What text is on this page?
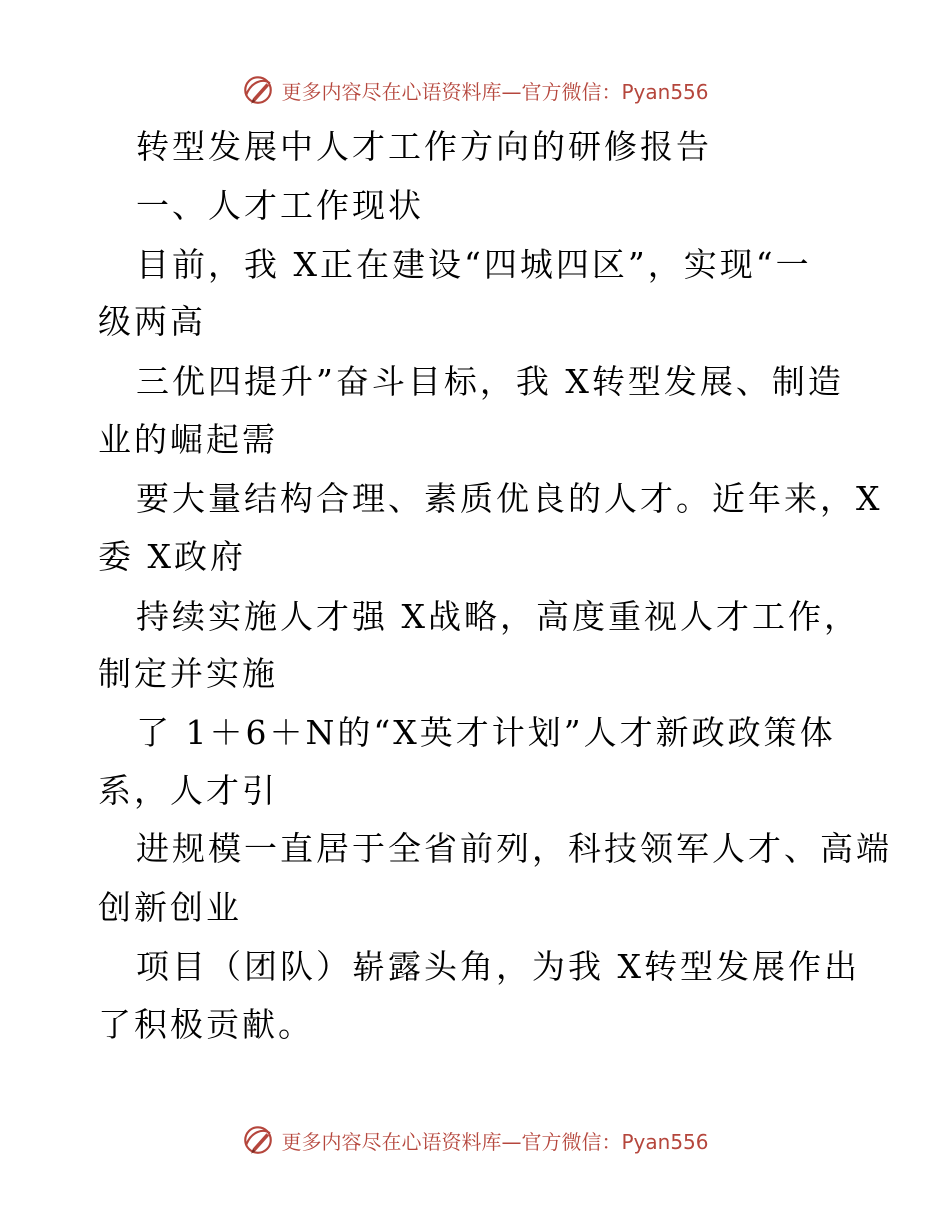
更多内容尽在心语资料库—官方微信：Pyan556
转型发展中人才工作方向的研修报告
一、人才工作现状
目前，我 X正在建设“四城四区”，实现“一
级两高
三优四提升”奋斗目标，我 X转型发展、制造
业的崛起需
要大量结构合理、素质优良的人才。近年来，X
委 X政府
持续实施人才强 X战略，高度重视人才工作，
制定并实施
了 1＋6＋N的“X英才计划”人才新政政策体
系，人才引
进规模一直居于全省前列，科技领军人才、高端
创新创业
项目（团队）崭露头角，为我 X转型发展作出
了积极贡献。
更多内容尽在心语资料库—官方微信：Pyan556
